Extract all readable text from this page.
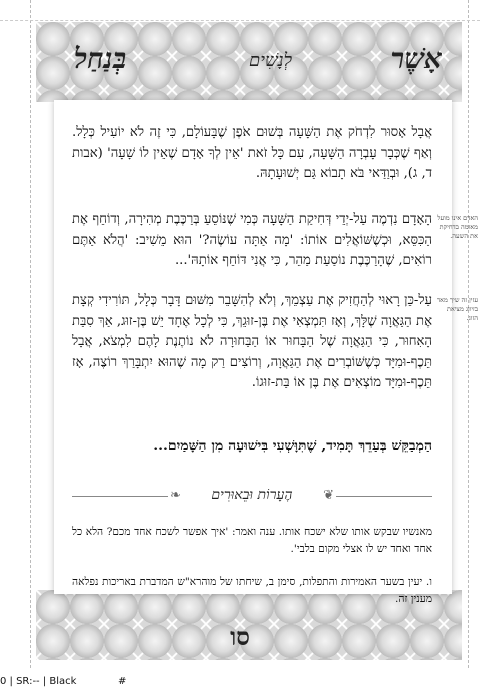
אָשֶׁר
לְנָשִׁים
בְּנַחַל
אֲבָל אָסוּר לִדְחֹק אֶת הַשָּׁעָה בְּשׁוּם אֹפֶן שֶׁבָּעוֹלָם, כִּי זֶה לֹא יוֹעִיל כְּלָל. וְאַף שֶׁכְּבָר עָבְרָה הַשָּׁעָה, עִם כָּל זֹאת 'אֵין לְךָ אָדָם שֶׁאֵין לוֹ שָׁעָה' (אבות ד, ג), וּבְוַדַּאי בֹּא תָבוֹא גַּם יְשׁוּעָתָהּ.
הָאָדָם נִדְמֶה עַל-יְדֵי דְּחִיקַת הַשָּׁעָה כְּמִי שֶׁנּוֹסֵעַ בְּרַכֶּבֶת מְהִירָה, וְדוֹחֵף אֶת הַכִּסֵּא, וּכְשֶׁשּׁוֹאֲלִים אוֹתוֹ: 'מָה אַתָּה עוֹשֶׂה?' הוּא מֵשִׁיב: 'הֲלֹא אַתֶּם רוֹאִים, שֶׁהָרַכֶּבֶת נוֹסַעַת מַהֵר, כִּי אֲנִי דּוֹחֵף אוֹתָהּ'...
עַל-כֵּן רָאוּי לְהַחֲזִיק אֶת עַצְמֵךְ, וְלֹא לְהִשָּׁבֵר מִשּׁוּם דָּבָר כְּלָל, תּוֹרִידִי קְצָת אֶת הַגַּאֲוָה שֶׁלָּךְ, וְאָז תִּמְצְאִי אֶת בֶּן-זוּגֵךְ, כִּי לְכָל אֶחָד יֵשׁ בֶּן-זוּג, אַךְ סִבַּת הָאִחוּר, כִּי הַגַּאֲוָה שֶׁל הַבָּחוּר אוֹ הַבַּחוּרָה לֹא נוֹתֶנֶת לָהֶם לִמְצֹא, אֲבָל תֵּכֶף-וּמִיָּד כְּשֶׁשּׁוֹבְרִים אֶת הַגַּאֲוָה, וְרוֹצִים רַק מָה שֶׁהוּא יִתְבָּרַךְ רוֹצֶה, אָז תֵּכֶף-וּמִיָּד מוֹצְאִים אֶת בֶּן אוֹ בַּת-זוּגוֹ.
הַמְבַקֵּשׁ בְּעַדֵךְ תָּמִיד, שֶׁתִּוָּשְׁעִי בִּישׁוּעָה מִן הַשָּׁמַיִם...
האדם אינו מועל מאומה בדחיקת את השעה.
עזין זה שיך מאד בזיווג מציאת הזוג.
❦
הֶעָרוֹת וּבֵאוּרִים
❧
מאנשיו שבקש אותו שלא ישכח אותו. ענה ואמר: 'איך אפשר לשכח אחד מכם? הלא כל אחד ואחד יש לו אצלי מקום בלבי'.
ו. יעין בשער האמירות והתפלות, סימן ב, שיחתו של מוהרא"ש המדברת באריכות נפלאה מענין זה.
סו
0 | SR:-- | Black	#
